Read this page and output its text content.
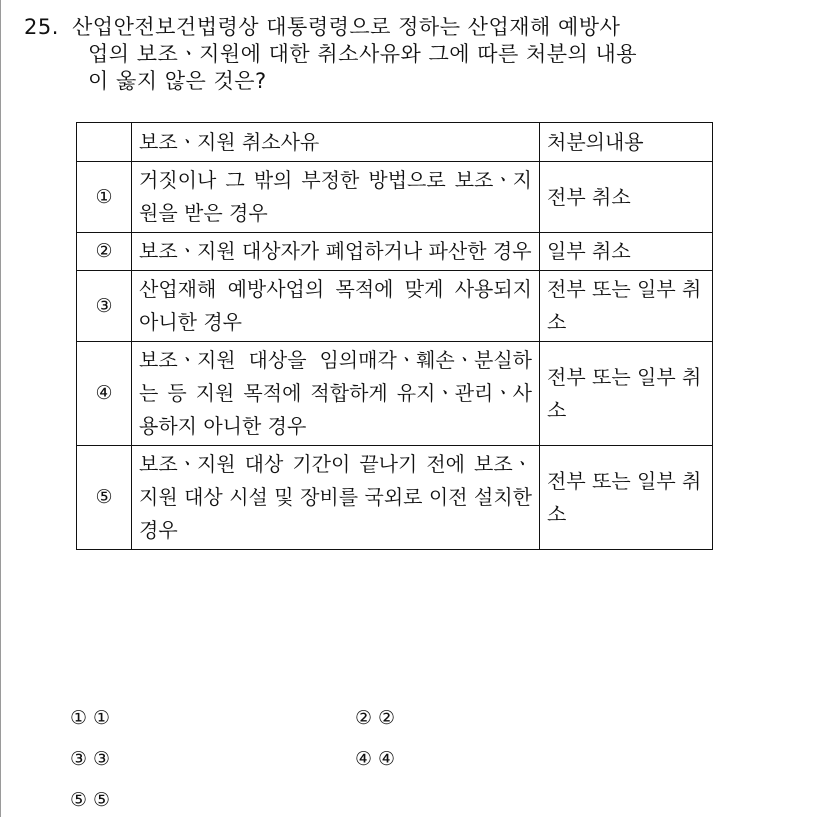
25. 산업안전보건법령상 대통령령으로 정하는 산업재해 예방사
업의 보조ㆍ지원에 대한 취소사유와 그에 따른 처분의 내용
이 옳지 않은 것은?
	보조ㆍ지원 취소사유	처분의내용
①	거짓이나 그 밖의 부정한 방법으로 보조ㆍ지원을 받은 경우	전부 취소
②	보조ㆍ지원 대상자가 폐업하거나 파산한 경우	일부 취소
③	산업재해 예방사업의 목적에 맞게 사용되지 아니한 경우	전부 또는 일부 취소
④	보조ㆍ지원 대상을 임의매각ㆍ훼손ㆍ분실하는 등 지원 목적에 적합하게 유지ㆍ관리ㆍ사용하지 아니한 경우	전부 또는 일부 취소
⑤	보조ㆍ지원 대상 기간이 끝나기 전에 보조ㆍ지원 대상 시설 및 장비를 국외로 이전 설치한 경우	전부 또는 일부 취소
① ①	② ②
③ ③	④ ④
⑤ ⑤
